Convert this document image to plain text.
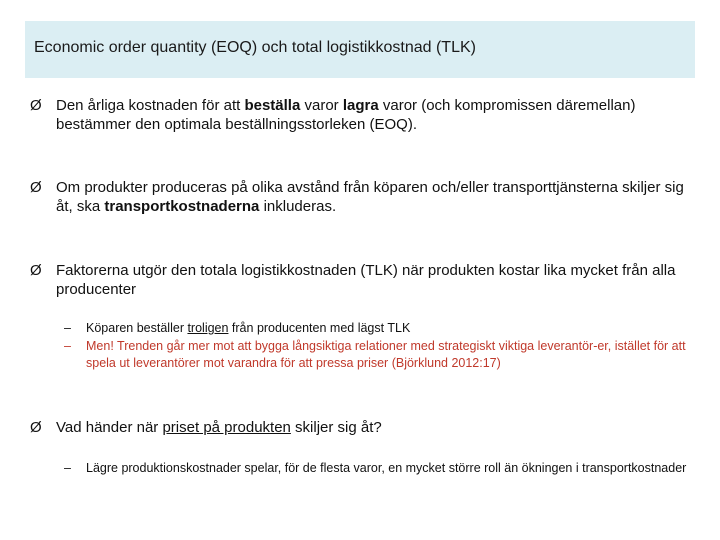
Economic order quantity (EOQ) och total logistikkostnad (TLK)
Ø Den årliga kostnaden för att beställa varor lagra varor (och kompromissen däremellan) bestämmer den optimala beställningsstorleken (EOQ).
Ø Om produkter produceras på olika avstånd från köparen och/eller transporttjänsterna skiljer sig åt, ska transportkostnaderna inkluderas.
Ø Faktorerna utgör den totala logistikkostnaden (TLK) när produkten kostar lika mycket från alla producenter
–	Köparen beställer troligen från producenten med lägst TLK
–	Men! Trenden går mer mot att bygga långsiktiga relationer med strategiskt viktiga leverantör-er, istället för att spela ut leverantörer mot varandra för att pressa priser (Björklund 2012:17)
Ø Vad händer när priset på produkten skiljer sig åt?
–	Lägre produktionskostnader spelar, för de flesta varor, en mycket större roll än ökningen i transportkostnader
